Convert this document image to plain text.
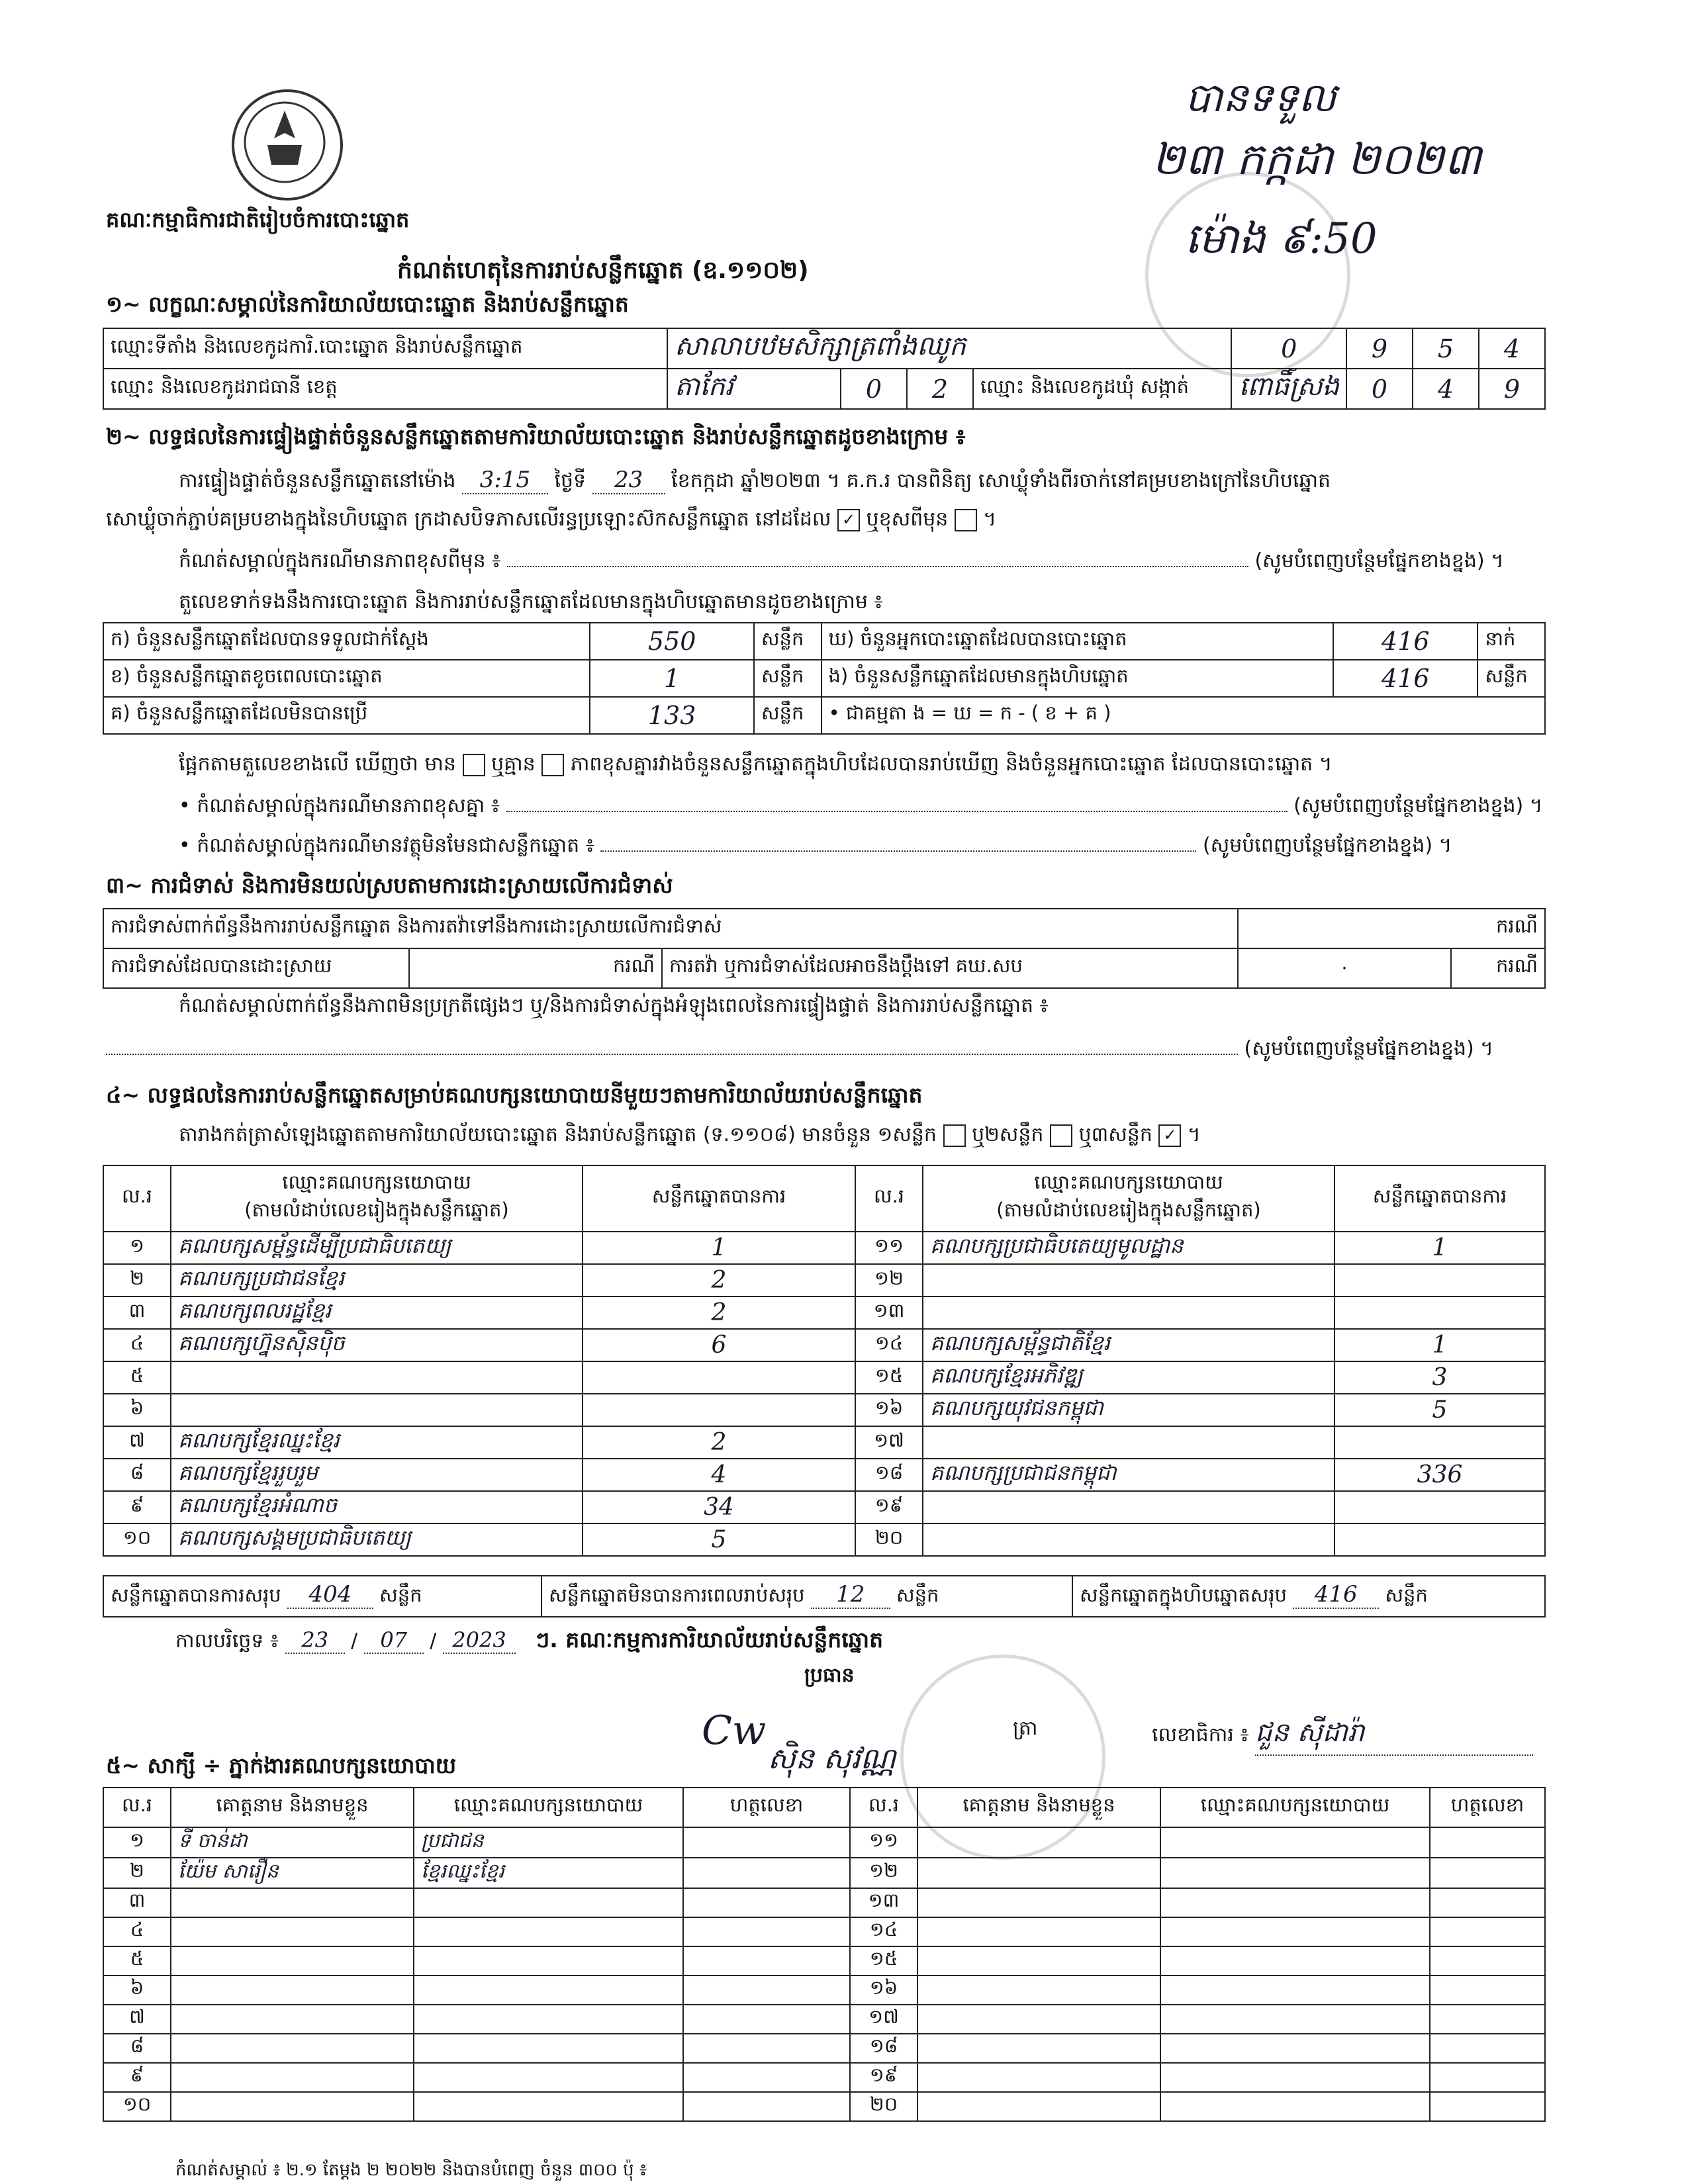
គណៈកម្មាធិការជាតិរៀបចំការបោះឆ្នោត
កំណត់ហេតុនៃការរាប់សន្លឹកឆ្នោត (ឧ.១១០២)
បានទទួល
២៣ កក្កដា ២០២៣
ម៉ោង ៩:50
១~ លក្ខណៈសម្គាល់នៃការិយាល័យបោះឆ្នោត និងរាប់សន្លឹកឆ្នោត
ឈ្មោះទីតាំង និងលេខកូដការិ.បោះឆ្នោត និងរាប់សន្លឹកឆ្នោត	សាលាបឋមសិក្សាត្រពាំងឈូក				0	9	5	4
ឈ្មោះ និងលេខកូដរាជធានី ខេត្ត	តាកែវ	0	2	ឈ្មោះ និងលេខកូដឃុំ សង្កាត់	ពោធិ៍ស្រង	0	4	9
២~ លទ្ធផលនៃការផ្ទៀងផ្ទាត់ចំនួនសន្លឹកឆ្នោតតាមការិយាល័យបោះឆ្នោត និងរាប់សន្លឹកឆ្នោតដូចខាងក្រោម ៖
ការផ្ទៀងផ្ទាត់ចំនួនសន្លឹកឆ្នោតនៅម៉ោង 3:15 ថ្ងៃទី 23 ខែកក្កដា ឆ្នាំ២០២៣ ។ គ.ក.រ បានពិនិត្យ សោឃ្លុំទាំងពីរចាក់នៅគម្របខាងក្រៅនៃហិបឆ្នោត
សោឃ្លុំចាក់ភ្ជាប់គម្របខាងក្នុងនៃហិបឆ្នោត ក្រដាសបិទភាសលើរន្ធប្រឡោះស៊កសន្លឹកឆ្នោត នៅដដែល ✓ ឬខុសពីមុន  ។
កំណត់សម្គាល់ក្នុងករណីមានភាពខុសពីមុន ៖	(សូមបំពេញបន្ថែមផ្នែកខាងខ្នង) ។
តួលេខទាក់ទងនឹងការបោះឆ្នោត និងការរាប់សន្លឹកឆ្នោតដែលមានក្នុងហិបឆ្នោតមានដូចខាងក្រោម ៖
ក) ចំនួនសន្លឹកឆ្នោតដែលបានទទួលជាក់ស្តែង	550	សន្លឹក	ឃ) ចំនួនអ្នកបោះឆ្នោតដែលបានបោះឆ្នោត	416	នាក់
ខ) ចំនួនសន្លឹកឆ្នោតខូចពេលបោះឆ្នោត	1	សន្លឹក	ង) ចំនួនសន្លឹកឆ្នោតដែលមានក្នុងហិបឆ្នោត	416	សន្លឹក
គ) ចំនួនសន្លឹកឆ្នោតដែលមិនបានប្រើ	133	សន្លឹក	• ជាគម្មតា ង = ឃ = ក - ( ខ + គ )		
ផ្អែកតាមតួលេខខាងលើ ឃើញថា មាន ឬគ្មាន ភាពខុសគ្នារវាងចំនួនសន្លឹកឆ្នោតក្នុងហិបដែលបានរាប់ឃើញ និងចំនួនអ្នកបោះឆ្នោត ដែលបានបោះឆ្នោត ។
• កំណត់សម្គាល់ក្នុងករណីមានភាពខុសគ្នា ៖	(សូមបំពេញបន្ថែមផ្នែកខាងខ្នង) ។
• កំណត់សម្គាល់ក្នុងករណីមានវត្ថុមិនមែនជាសន្លឹកឆ្នោត ៖	(សូមបំពេញបន្ថែមផ្នែកខាងខ្នង) ។
៣~ ការជំទាស់ និងការមិនយល់ស្របតាមការដោះស្រាយលើការជំទាស់
ការជំទាស់ពាក់ព័ន្ធនឹងការរាប់សន្លឹកឆ្នោត និងការតវ៉ាទៅនឹងការដោះស្រាយលើការជំទាស់			ករណី	
ការជំទាស់ដែលបានដោះស្រាយ	ករណី	ការតវ៉ា ឬការជំទាស់ដែលអាចនឹងប្តឹងទៅ គឃ.សប	·	ករណី
កំណត់សម្គាល់ពាក់ព័ន្ធនឹងភាពមិនប្រក្រតីផ្សេងៗ ឬ/និងការជំទាស់ក្នុងអំឡុងពេលនៃការផ្ទៀងផ្ទាត់ និងការរាប់សន្លឹកឆ្នោត ៖
(សូមបំពេញបន្ថែមផ្នែកខាងខ្នង) ។
៤~ លទ្ធផលនៃការរាប់សន្លឹកឆ្នោតសម្រាប់គណបក្សនយោបាយនីមួយៗតាមការិយាល័យរាប់សន្លឹកឆ្នោត
តារាងកត់ត្រាសំឡេងឆ្នោតតាមការិយាល័យបោះឆ្នោត និងរាប់សន្លឹកឆ្នោត (ទ.១១០៨) មានចំនួន ១សន្លឹក ឬ២សន្លឹក ឬ៣សន្លឹក ✓ ។
ល.រ	ឈ្មោះគណបក្សនយោបាយ
(តាមលំដាប់លេខរៀងក្នុងសន្លឹកឆ្នោត)	សន្លឹកឆ្នោតបានការ	ល.រ	ឈ្មោះគណបក្សនយោបាយ
(តាមលំដាប់លេខរៀងក្នុងសន្លឹកឆ្នោត)	សន្លឹកឆ្នោតបានការ
១	គណបក្សសម្ព័ន្ធដើម្បីប្រជាធិបតេយ្យ	1	១១	គណបក្សប្រជាធិបតេយ្យមូលដ្ឋាន	1
២	គណបក្សប្រជាជនខ្មែរ	2	១២		
៣	គណបក្សពលរដ្ឋខ្មែរ	2	១៣		
៤	គណបក្សហ្វ៊ុនស៊ិនប៉ិច	6	១៤	គណបក្សសម្ព័ន្ធជាតិខ្មែរ	1
៥			១៥	គណបក្សខ្មែរអភិវឌ្ឍ	3
៦			១៦	គណបក្សយុវជនកម្ពុជា	5
៧	គណបក្សខ្មែរឈ្នះខ្មែរ	2	១៧		
៨	គណបក្សខ្មែររួបរួម	4	១៨	គណបក្សប្រជាជនកម្ពុជា	336
៩	គណបក្សខ្មែរអំណាច	34	១៩		
១០	គណបក្សសង្គមប្រជាធិបតេយ្យ	5	២០		
សន្លឹកឆ្នោតបានការសរុប 404 សន្លឹក	សន្លឹកឆ្នោតមិនបានការពេលរាប់សរុប 12 សន្លឹក	សន្លឹកឆ្នោតក្នុងហិបឆ្នោតសរុប 416 សន្លឹក
កាលបរិច្ឆេទ ៖ 23 / 07 / 2023 ៗ. គណៈកម្មការការិយាល័យរាប់សន្លឹកឆ្នោត
ប្រធាន
Cw
ស៊ិន សុវណ្ណ
ត្រា	លេខាធិការ ៖ ជួន ស៊ីដារ៉ា
៥~ សាក្សី ÷ ភ្នាក់ងារគណបក្សនយោបាយ
ល.រ	គោត្តនាម និងនាមខ្លួន	ឈ្មោះគណបក្សនយោបាយ	ហត្ថលេខា	ល.រ	គោត្តនាម និងនាមខ្លួន	ឈ្មោះគណបក្សនយោបាយ	ហត្ថលេខា
១	ទី ចាន់ដា	ប្រជាជន		១១			
២	យ៉ែម សារឿន	ខ្មែរឈ្នះខ្មែរ		១២			
៣				១៣			
៤				១៤			
៥				១៥			
៦				១៦			
៧				១៧			
៨				១៨			
៩				១៩			
១០				២០			
កំណត់សម្គាល់ ៖ ២.១ តែម្តង ២ ២០២២ និងបានបំពេញ ចំនួន ៣០០ ប៉ុ ៖
